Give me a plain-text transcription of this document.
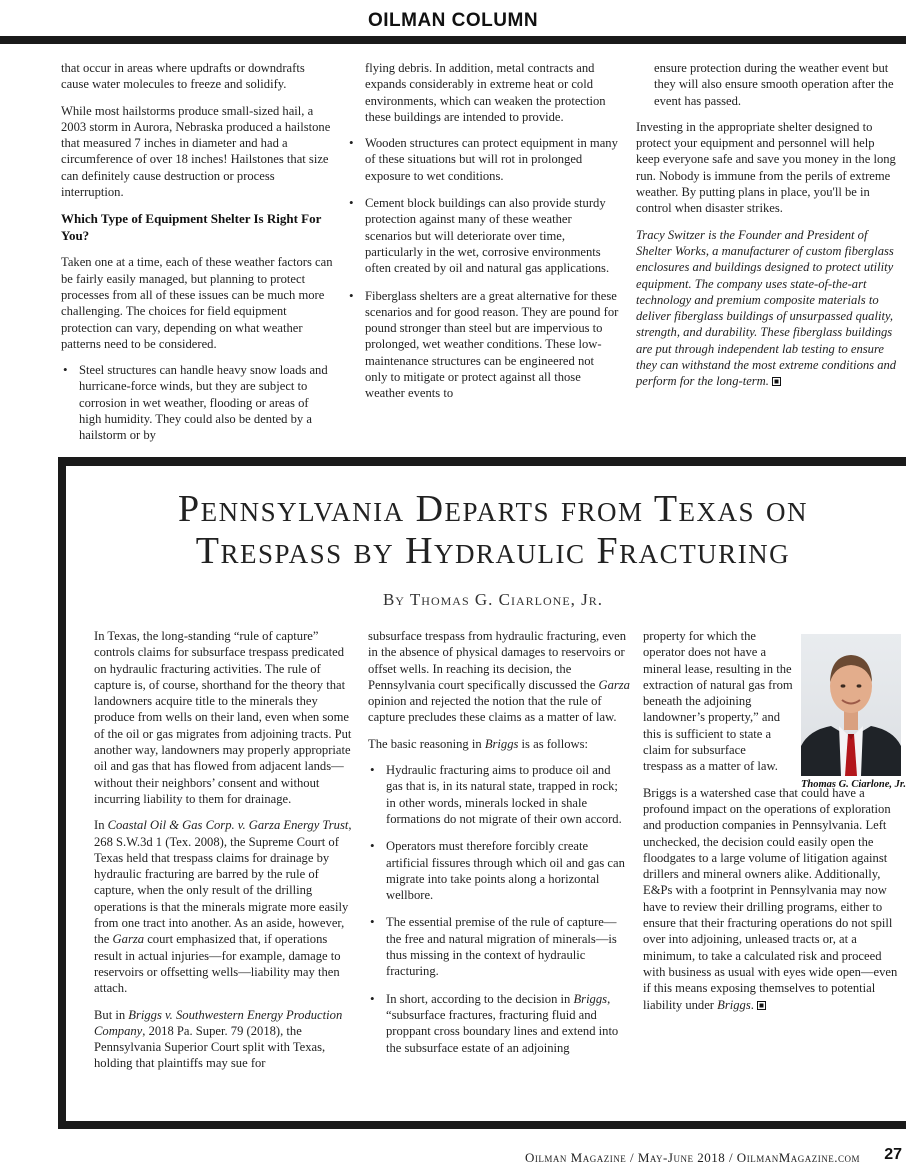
OILMAN COLUMN

that occur in areas where updrafts or downdrafts cause water molecules to freeze and solidify.

While most hailstorms produce small-sized hail, a 2003 storm in Aurora, Nebraska produced a hailstone that measured 7 inches in diameter and had a circumference of over 18 inches! Hailstones that size can definitely cause destruction or process interruption.

Which Type of Equipment Shelter Is Right For You?

Taken one at a time, each of these weather factors can be fairly easily managed, but planning to protect processes from all of these issues can be much more challenging. The choices for field equipment protection can vary, depending on what weather patterns need to be considered.

• Steel structures can handle heavy snow loads and hurricane-force winds, but they are subject to corrosion in wet weather, flooding or areas of high humidity. They could also be dented by a hailstorm or by

flying debris. In addition, metal contracts and expands considerably in extreme heat or cold environments, which can weaken the protection these buildings are intended to provide.

• Wooden structures can protect equipment in many of these situations but will rot in prolonged exposure to wet conditions.
• Cement block buildings can also provide sturdy protection against many of these weather scenarios but will deteriorate over time, particularly in the wet, corrosive environments often created by oil and natural gas applications.
• Fiberglass shelters are a great alternative for these scenarios and for good reason. They are pound for pound stronger than steel but are impervious to prolonged, wet weather conditions. These low-maintenance structures can be engineered not only to mitigate or protect against all those weather events to

ensure protection during the weather event but they will also ensure smooth operation after the event has passed.

Investing in the appropriate shelter designed to protect your equipment and personnel will help keep everyone safe and save you money in the long run. Nobody is immune from the perils of extreme weather. By putting plans in place, you'll be in control when disaster strikes.

Tracy Switzer is the Founder and President of Shelter Works, a manufacturer of custom fiberglass enclosures and buildings designed to protect utility equipment. The company uses state-of-the-art technology and premium composite materials to deliver fiberglass buildings of unsurpassed quality, strength, and durability. These fiberglass buildings are put through independent lab testing to ensure they can withstand the most extreme conditions and perform for the long-term.

Pennsylvania Departs from Texas on
Trespass by Hydraulic Fracturing
By Thomas G. Ciarlone, Jr.

In Texas, the long-standing “rule of capture” controls claims for subsurface trespass predicated on hydraulic fracturing activities. The rule of capture is, of course, shorthand for the theory that landowners acquire title to the minerals they produce from wells on their land, even when some of the oil or gas migrates from adjoining tracts. Put another way, landowners may properly appropriate oil and gas that has flowed from adjacent lands—without their neighbors’ consent and without incurring liability to them for drainage.

In Coastal Oil & Gas Corp. v. Garza Energy Trust, 268 S.W.3d 1 (Tex. 2008), the Supreme Court of Texas held that trespass claims for drainage by hydraulic fracturing are barred by the rule of capture, when the only result of the drilling operations is that the minerals migrate more easily from one tract into another. As an aside, however, the Garza court emphasized that, if operations result in actual injuries—for example, damage to reservoirs or offsetting wells—liability may then attach.

But in Briggs v. Southwestern Energy Production Company, 2018 Pa. Super. 79 (2018), the Pennsylvania Superior Court split with Texas, holding that plaintiffs may sue for

subsurface trespass from hydraulic fracturing, even in the absence of physical damages to reservoirs or offset wells. In reaching its decision, the Pennsylvania court specifically discussed the Garza opinion and rejected the notion that the rule of capture precludes these claims as a matter of law.

The basic reasoning in Briggs is as follows:

• Hydraulic fracturing aims to produce oil and gas that is, in its natural state, trapped in rock; in other words, minerals locked in shale formations do not migrate of their own accord.
• Operators must therefore forcibly create artificial fissures through which oil and gas can migrate into take points along a horizontal wellbore.
• The essential premise of the rule of capture—the free and natural migration of minerals—is thus missing in the context of hydraulic fracturing.
• In short, according to the decision in Briggs, “subsurface fractures, fracturing fluid and proppant cross boundary lines and extend into the subsurface estate of an adjoining

property for which the operator does not have a mineral lease, resulting in the extraction of natural gas from beneath the adjoining landowner’s property,” and this is sufficient to state a claim for subsurface
trespass as a matter of law.

Briggs is a watershed case that could have a profound impact on the operations of exploration and production companies in Pennsylvania. Left unchecked, the decision could easily open the floodgates to a large volume of litigation against drillers and mineral owners alike. Additionally, E&Ps with a footprint in Pennsylvania may now have to review their drilling programs, either to ensure that their fracturing operations do not spill over into adjoining, unleased tracts or, at a minimum, to take a calculated risk and proceed with business as usual with eyes wide open—even if this means exposing themselves to potential liability under Briggs.

Thomas G. Ciarlone, Jr.
Oilman Magazine / May-June 2018 / OilmanMagazine.com	27
